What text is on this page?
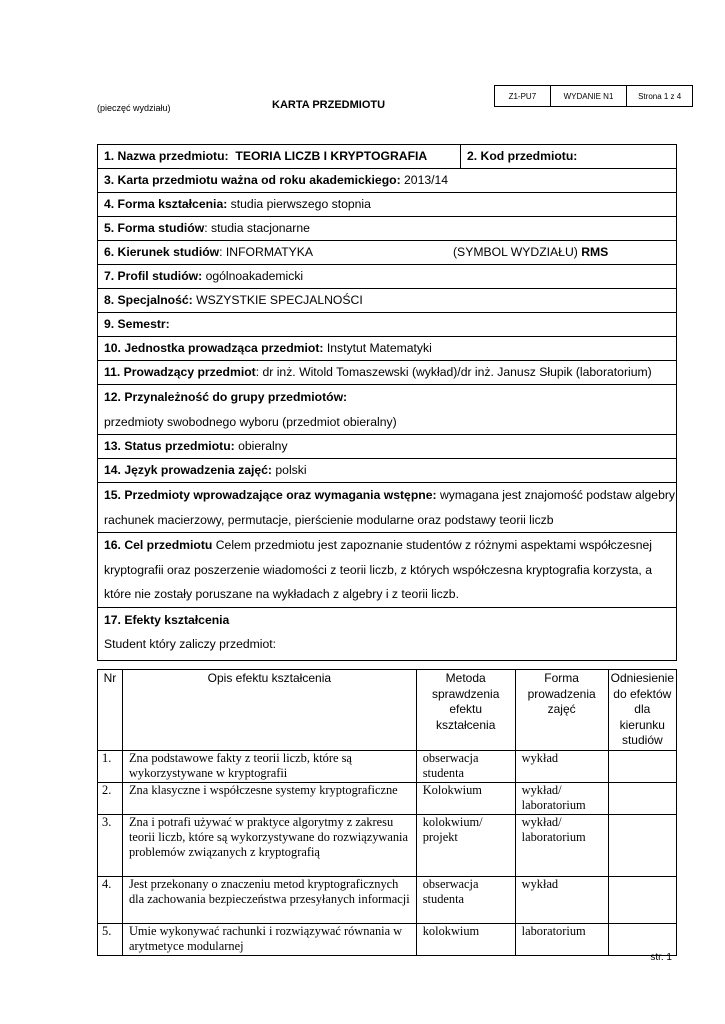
Z1-PU7	WYDANIE N1	Strona 1 z 4
(pieczęć wydziału)	KARTA PRZEDMIOTU
1. Nazwa przedmiotu: TEORIA LICZB I KRYPTOGRAFIA	2. Kod przedmiotu:
3. Karta przedmiotu ważna od roku akademickiego: 2013/14
4. Forma kształcenia: studia pierwszego stopnia
5. Forma studiów: studia stacjonarne
6. Kierunek studiów: INFORMATYKA	(SYMBOL WYDZIAŁU) RMS

7. Profil studiów: ogólnoakademicki
8. Specjalność: WSZYSTKIE SPECJALNOŚCI
9. Semestr:
10. Jednostka prowadząca przedmiot: Instytut Matematyki
11. Prowadzący przedmiot: dr inż. Witold Tomaszewski (wykład)/dr inż. Janusz Słupik (laboratorium)
12. Przynależność do grupy przedmiotów:
przedmioty swobodnego wyboru (przedmiot obieralny)
13. Status przedmiotu: obieralny
14. Język prowadzenia zajęć: polski
15. Przedmioty wprowadzające oraz wymagania wstępne: wymagana jest znajomość podstaw algebry
rachunek macierzowy, permutacje, pierścienie modularne oraz podstawy teorii liczb
16. Cel przedmiotu Celem przedmiotu jest zapoznanie studentów z różnymi aspektami współczesnej
kryptografii oraz poszerzenie wiadomości z teorii liczb, z których współczesna kryptografia korzysta, a
które nie zostały poruszane na wykładach z algebry i z teorii liczb.
17. Efekty kształcenia
Student który zaliczy przedmiot:
Nr	Opis efektu kształcenia	Metoda sprawdzenia efektu kształcenia	Forma prowadzenia zajęć	Odniesienie do efektów dla kierunku studiów
1.	Zna podstawowe fakty z teorii liczb, które są wykorzystywane w kryptografii	obserwacja studenta	wykład	
2.	Zna klasyczne i współczesne systemy kryptograficzne	Kolokwium	wykład/ laboratorium	
3.	Zna i potrafi używać w praktyce algorytmy z zakresu teorii liczb, które są wykorzystywane do rozwiązywania problemów związanych z kryptografią	kolokwium/ projekt	wykład/ laboratorium	
4.	Jest przekonany o znaczeniu metod kryptograficznych dla zachowania bezpieczeństwa przesyłanych informacji	obserwacja studenta	wykład	
5.	Umie wykonywać rachunki i rozwiązywać równania w arytmetyce modularnej	kolokwium	laboratorium	
str. 1
